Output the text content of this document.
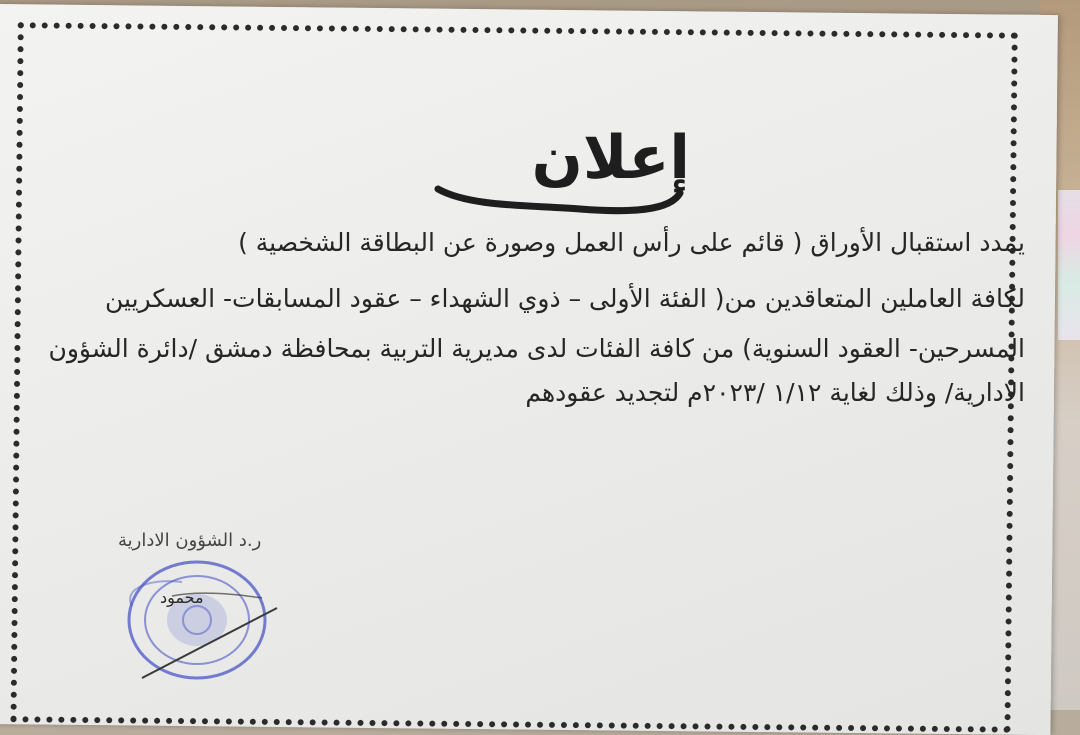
إعلان
يمدد استقبال الأوراق ( قائم على رأس العمل وصورة عن البطاقة الشخصية )
لكافة العاملين المتعاقدين من( الفئة الأولى – ذوي الشهداء – عقود المسابقات- العسكريين
المسرحين- العقود السنوية) من كافة الفئات لدى مديرية التربية بمحافظة دمشق /دائرة الشؤون
الادارية/ وذلك لغاية ١/١٢ /٢٠٢٣م لتجديد عقودهم
ر.د الشؤون الادارية
محمود
